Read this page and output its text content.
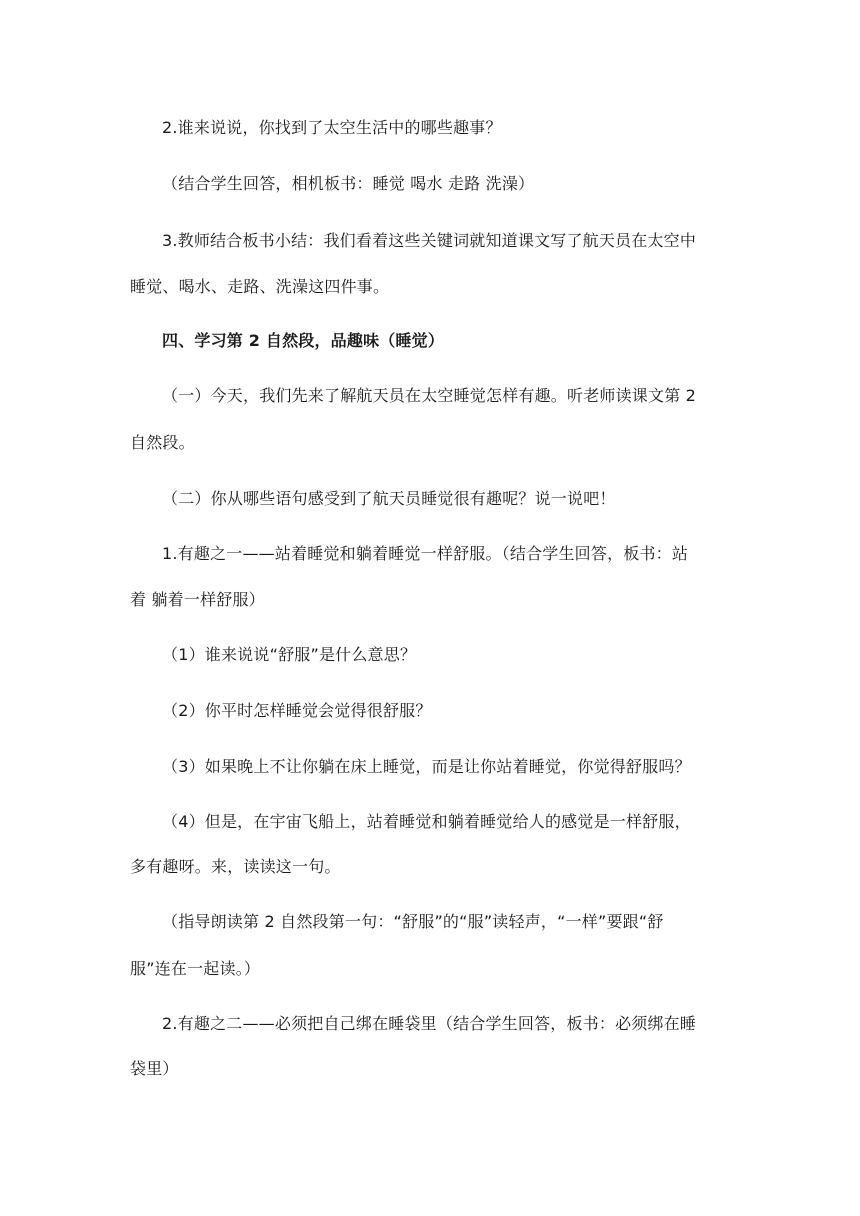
2.谁来说说，你找到了太空生活中的哪些趣事？
（结合学生回答，相机板书：睡觉 喝水 走路 洗澡）
3.教师结合板书小结：我们看着这些关键词就知道课文写了航天员在太空中
睡觉、喝水、走路、洗澡这四件事。
四、学习第 2 自然段，品趣味（睡觉）
（一）今天，我们先来了解航天员在太空睡觉怎样有趣。听老师读课文第 2
自然段。
（二）你从哪些语句感受到了航天员睡觉很有趣呢？说一说吧！
1.有趣之一——站着睡觉和躺着睡觉一样舒服。（结合学生回答，板书：站
着 躺着一样舒服）
（1）谁来说说“舒服”是什么意思？
（2）你平时怎样睡觉会觉得很舒服？
（3）如果晚上不让你躺在床上睡觉，而是让你站着睡觉，你觉得舒服吗？
（4）但是，在宇宙飞船上，站着睡觉和躺着睡觉给人的感觉是一样舒服，
多有趣呀。来，读读这一句。
（指导朗读第 2 自然段第一句：“舒服”的“服”读轻声，“一样”要跟“舒
服”连在一起读。）
2.有趣之二——必须把自己绑在睡袋里（结合学生回答，板书：必须绑在睡
袋里）
